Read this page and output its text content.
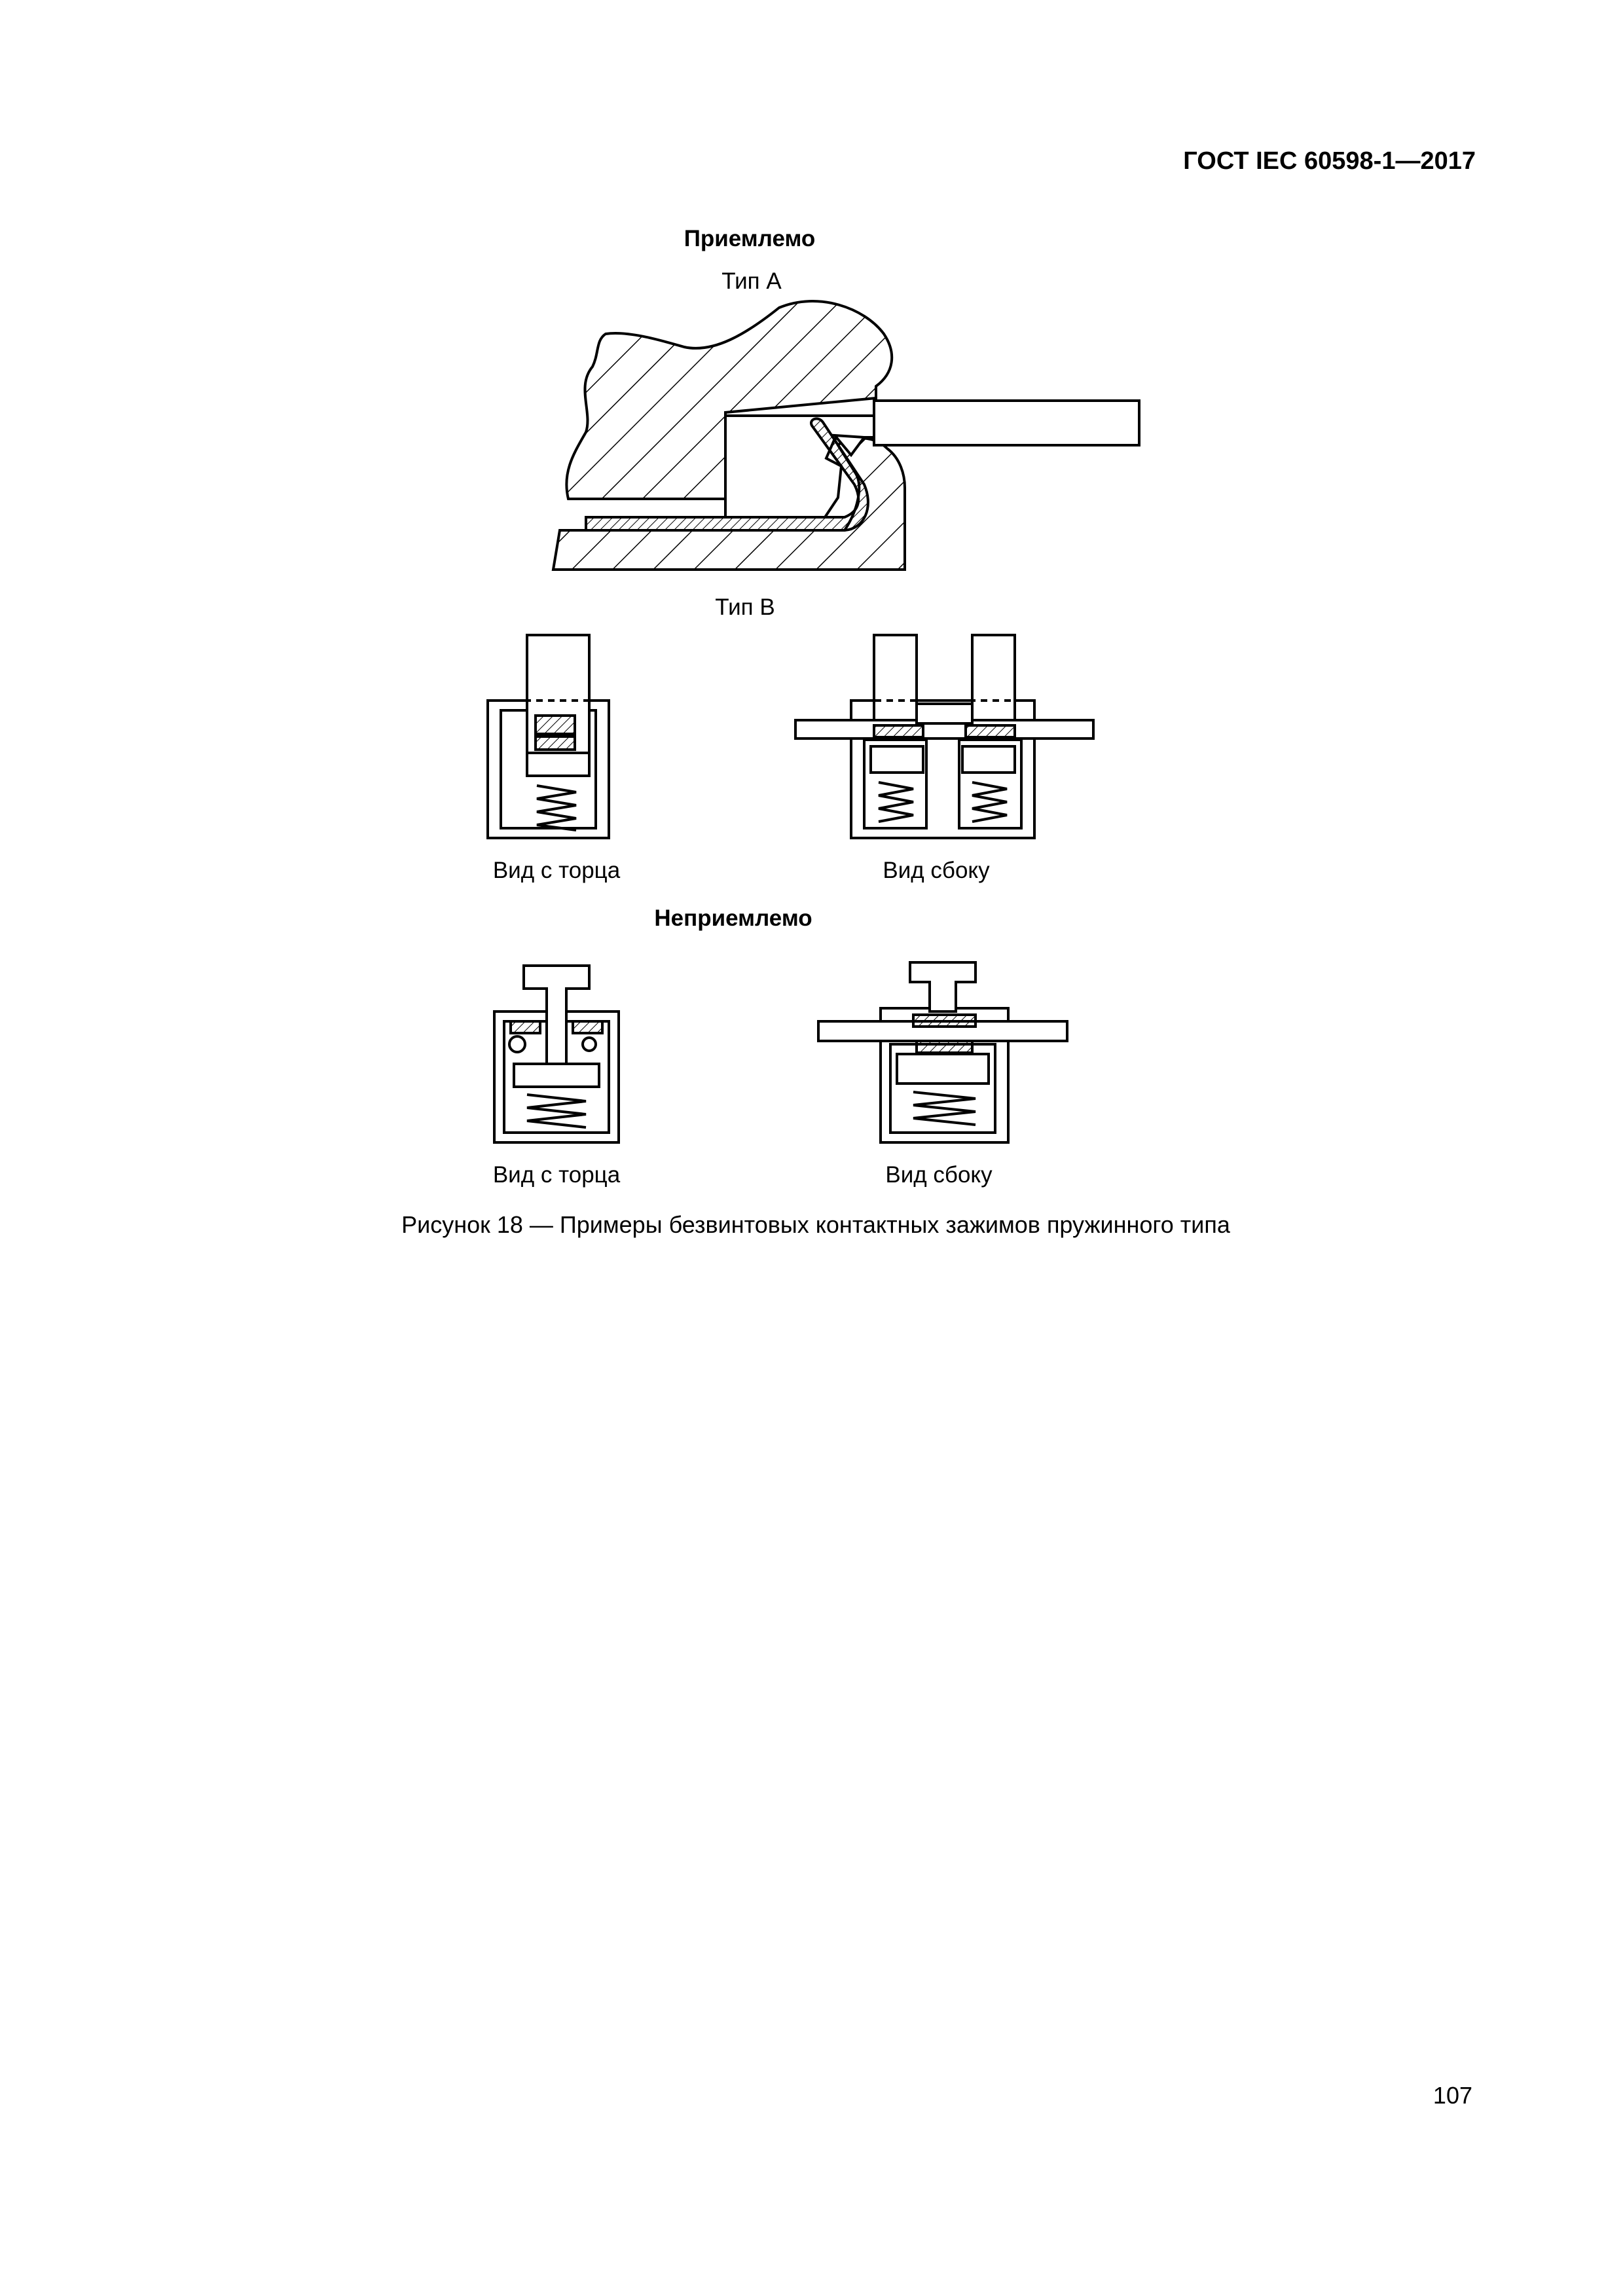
ГОСТ IEC 60598-1—2017
Приемлемо
Тип А
Тип В
Вид с торца	Вид сбоку
Неприемлемо
Вид с торца	Вид сбоку
Рисунок 18 — Примеры безвинтовых контактных зажимов пружинного типа
107
